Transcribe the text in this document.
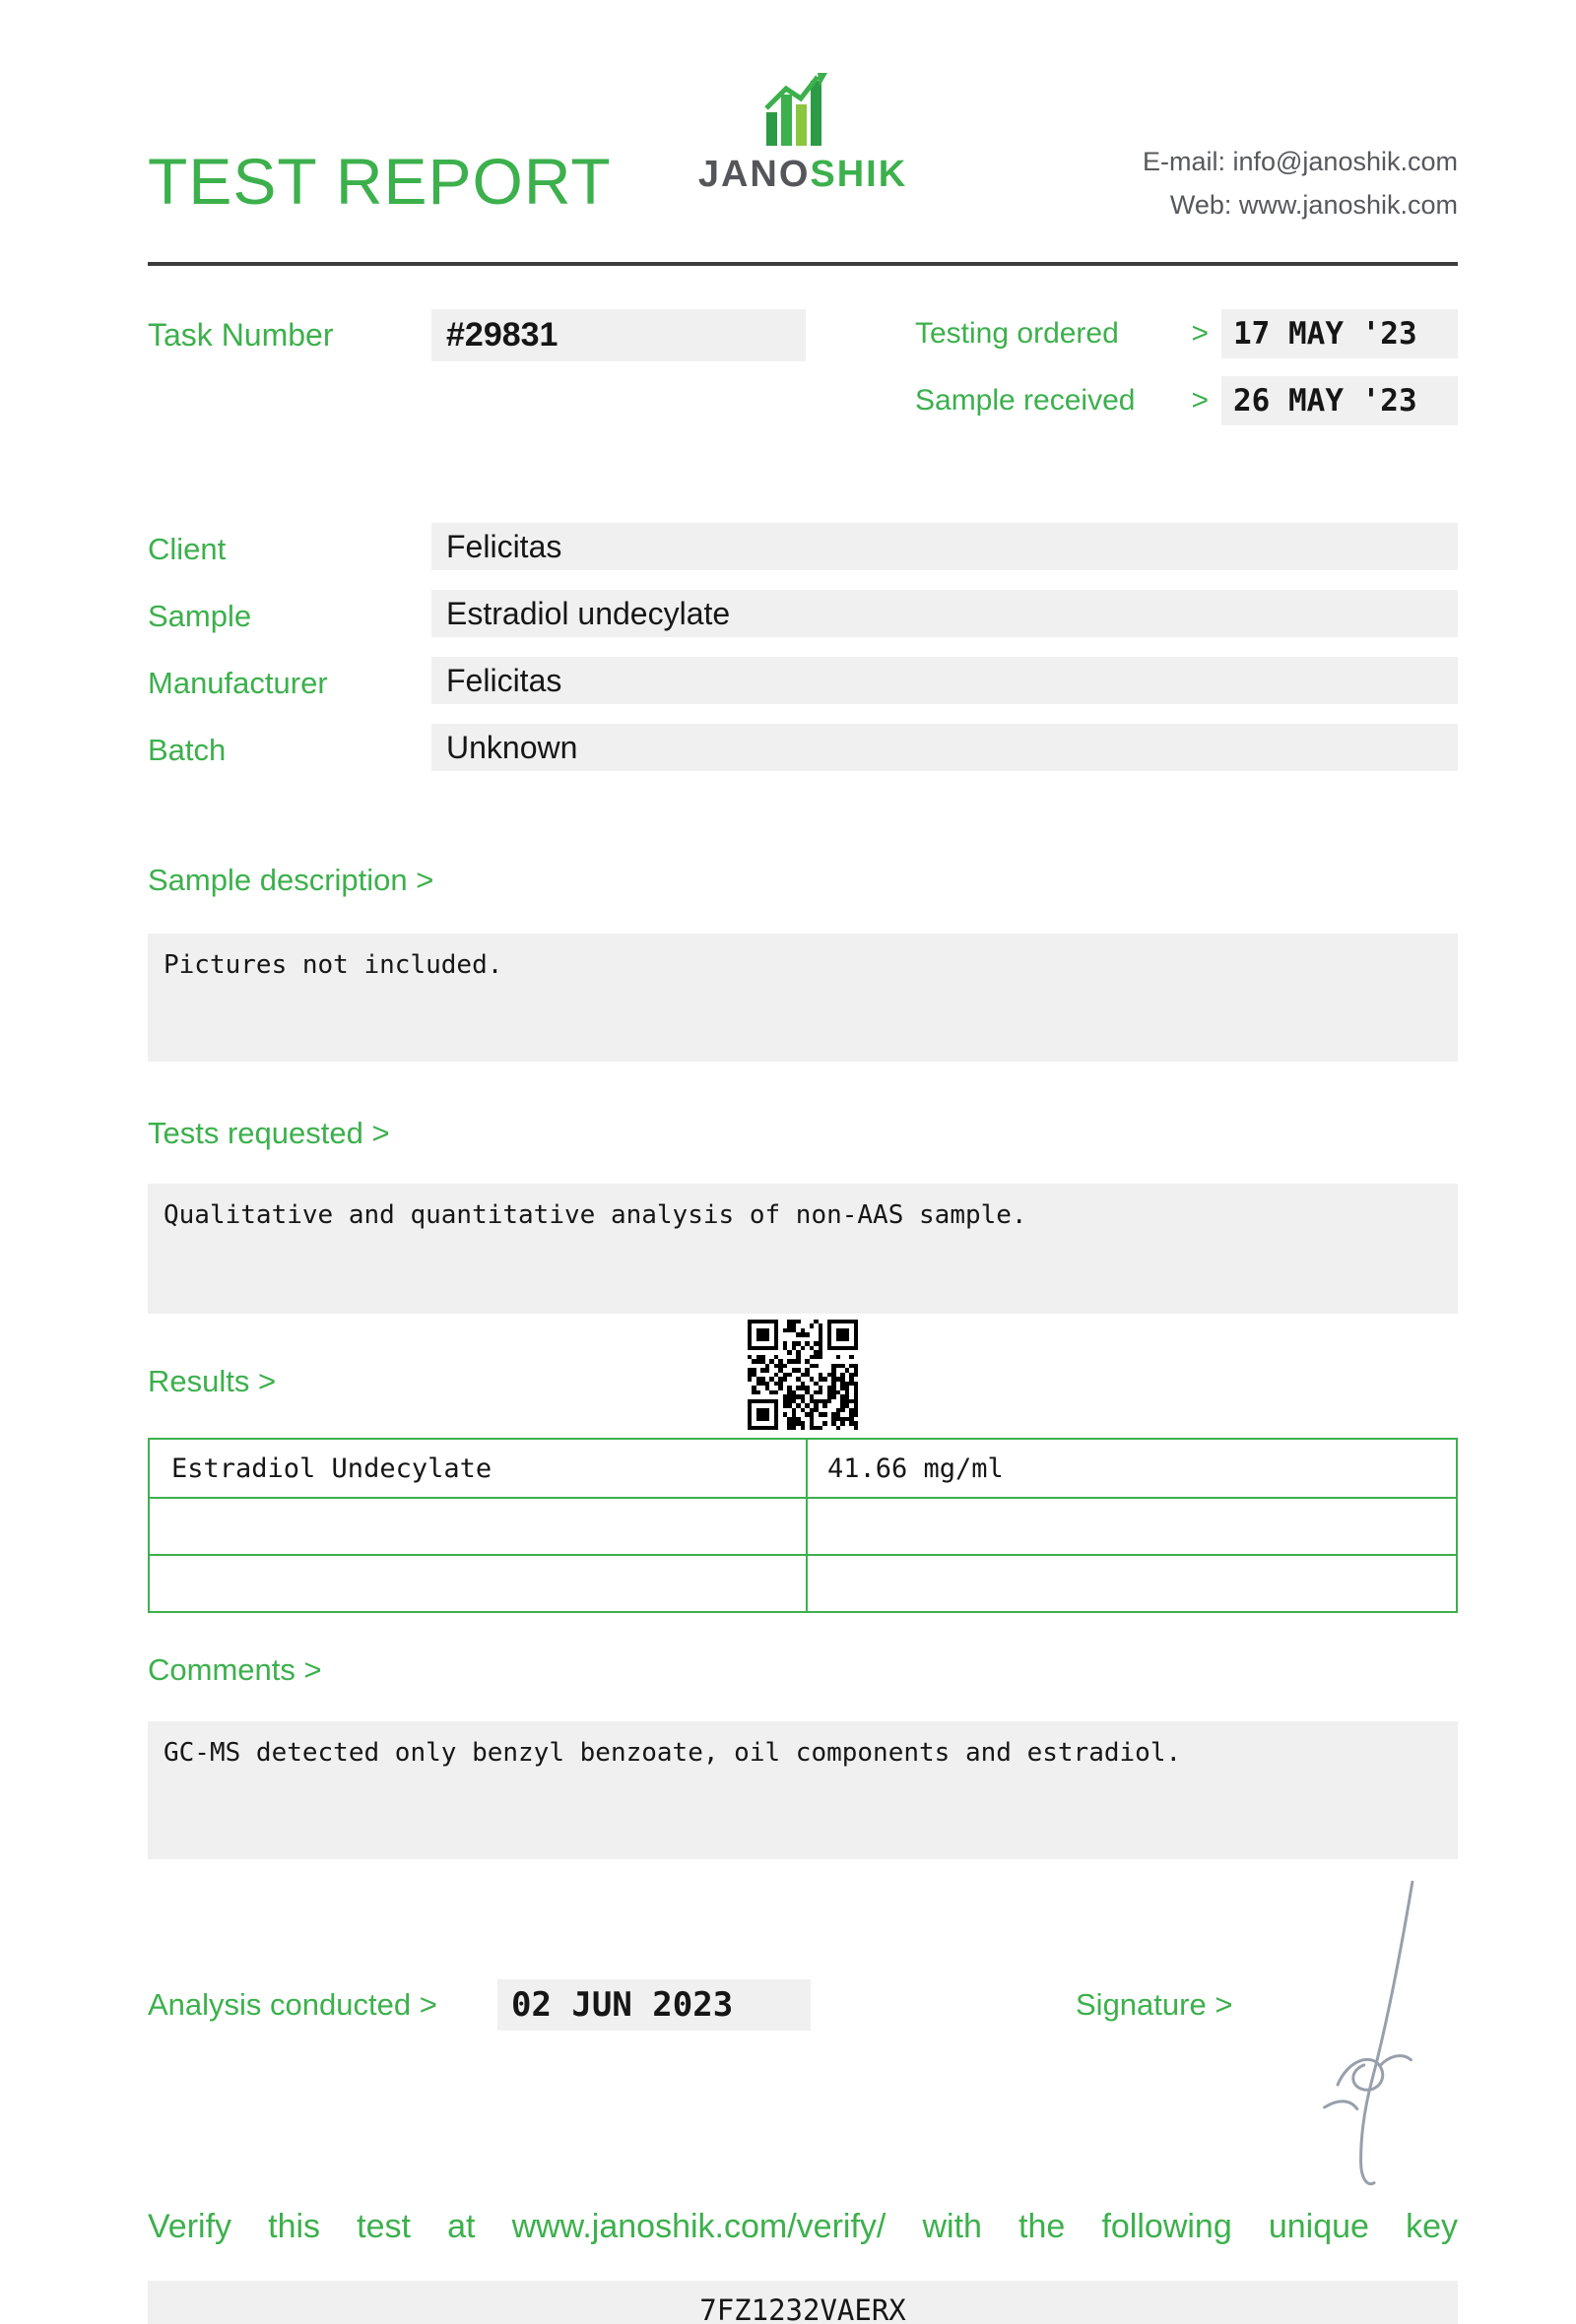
TEST REPORT	JANOSHIK	E-mail: info@janoshik.com
Web: www.janoshik.com
Task Number	#29831	Testing ordered > 17 MAY '23
Sample received > 26 MAY '23
Client	Felicitas
Sample	Estradiol undecylate
Manufacturer	Felicitas
Batch	Unknown
Sample description >
Pictures not included.
Tests requested >
Qualitative and quantitative analysis of non-AAS sample.
Results >
Estradiol Undecylate	41.66 mg/ml
Comments >
GC-MS detected only benzyl benzoate, oil components and estradiol.
Analysis conducted >	02 JUN 2023	Signature >
Verify this test at www.janoshik.com/verify/ with the following unique key
7FZ1232VAERX
